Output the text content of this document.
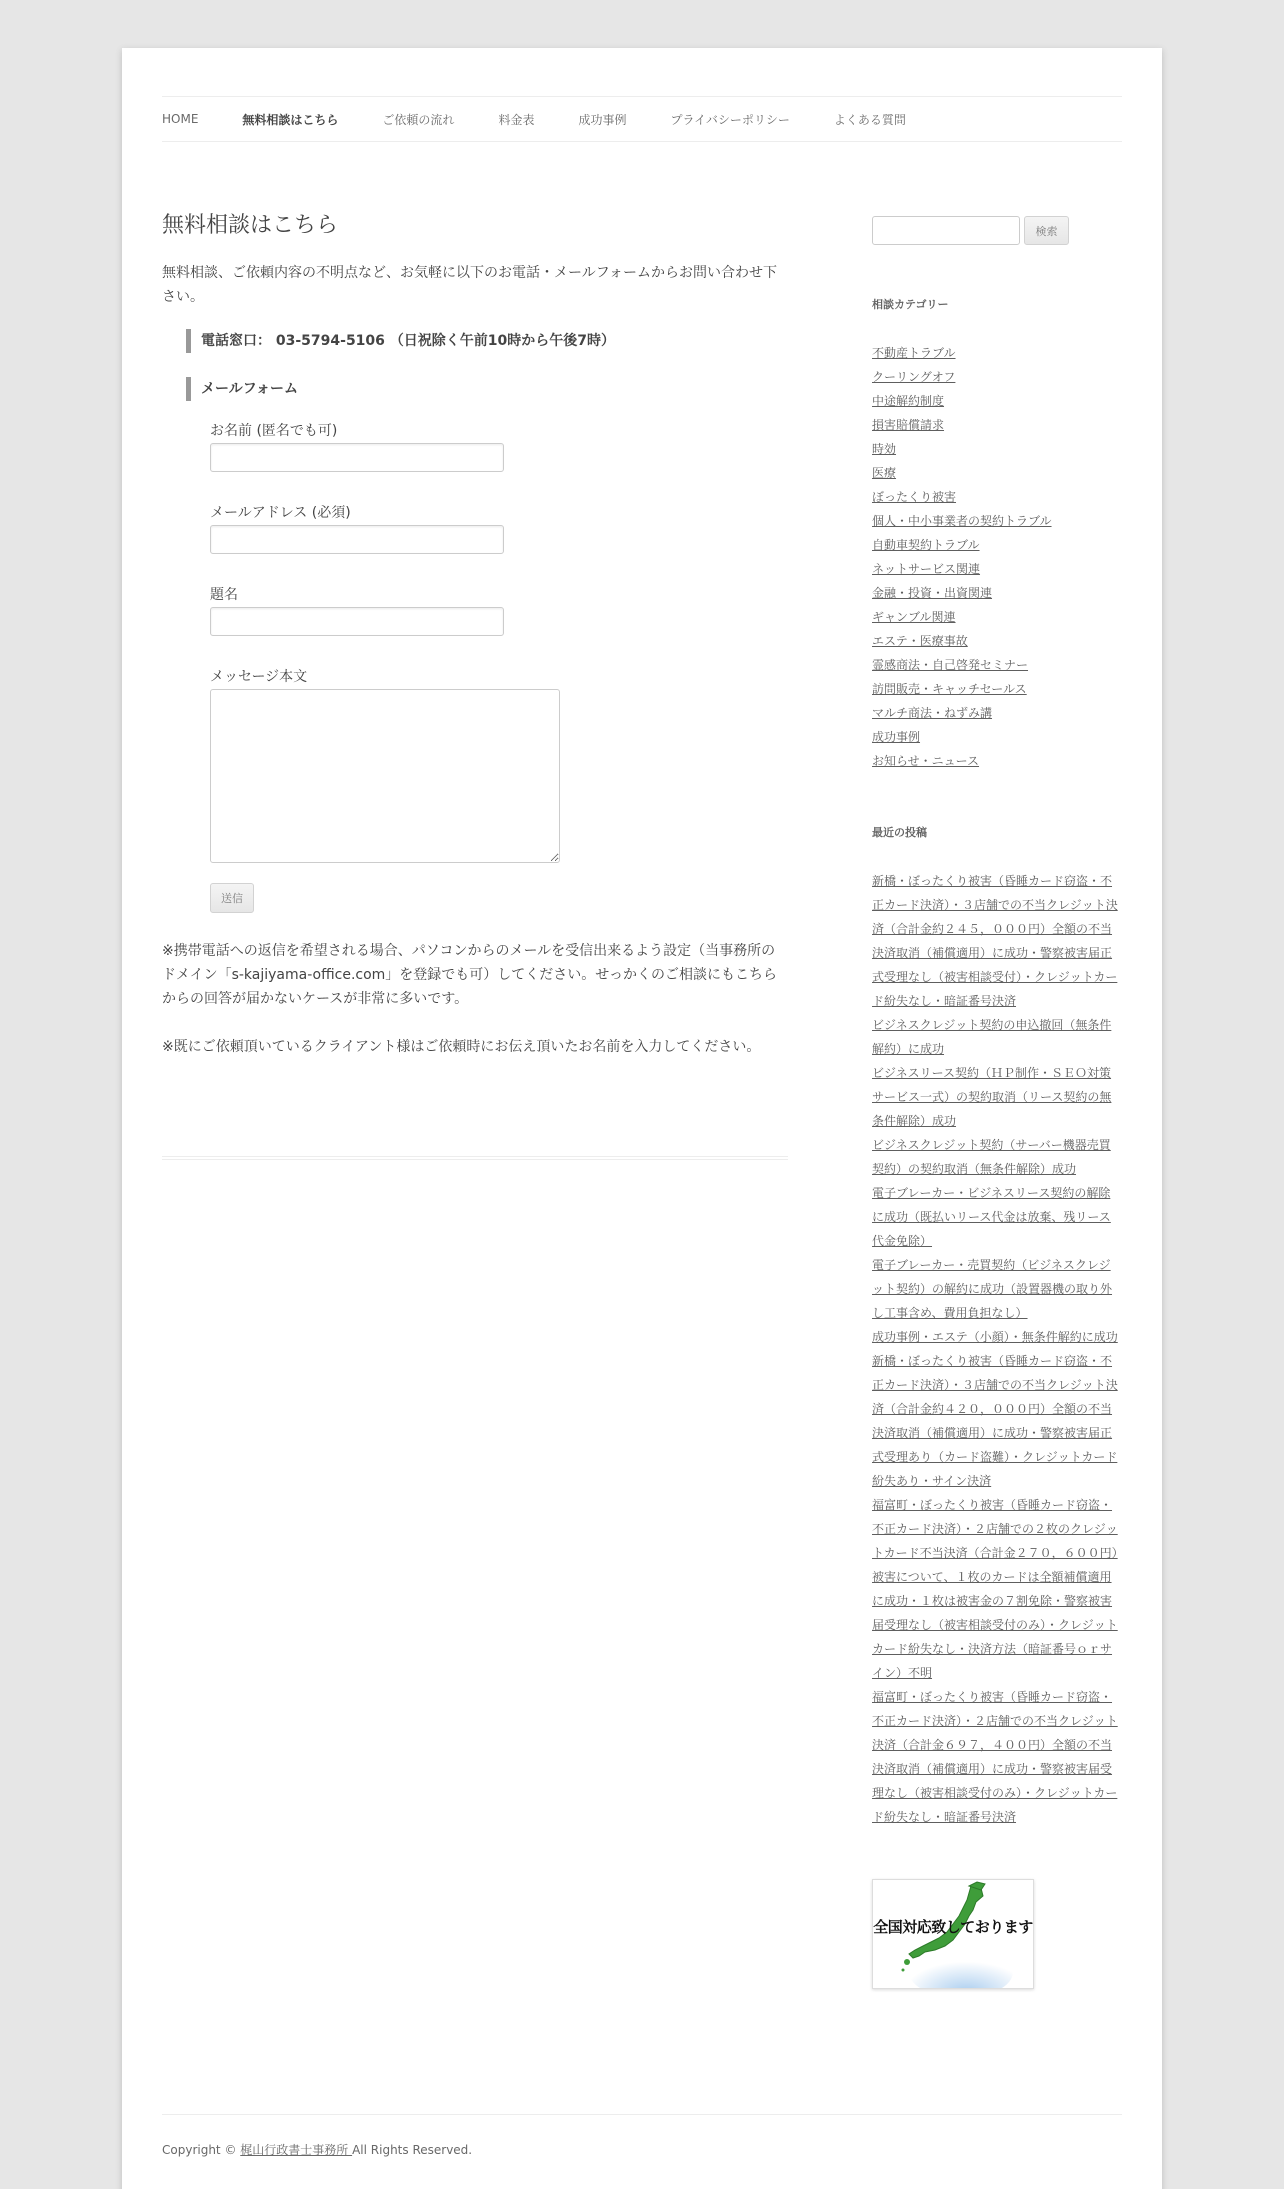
HOME	無料相談はこちら	ご依頼の流れ	料金表	成功事例	プライバシーポリシー	よくある質問
無料相談はこちら

無料相談、ご依頼内容の不明点など、お気軽に以下のお電話・メールフォームからお問い合わせ下さい。

電話窓口： 03-5794-5106 （日祝除く午前10時から午後7時）
メールフォーム
お名前 (匿名でも可)
メールアドレス (必須)
題名
メッセージ本文
送信

※携帯電話への返信を希望される場合、パソコンからのメールを受信出来るよう設定（当事務所のドメイン「s-kajiyama-office.com」を登録でも可）してください。せっかくのご相談にもこちらからの回答が届かないケースが非常に多いです。

※既にご依頼頂いているクライアント様はご依頼時にお伝え頂いたお名前を入力してください。

検索
相談カテゴリー
不動産トラブル
クーリングオフ
中途解約制度
損害賠償請求
時効
医療
ぼったくり被害
個人・中小事業者の契約トラブル
自動車契約トラブル
ネットサービス関連
金融・投資・出資関連
ギャンブル関連
エステ・医療事故
霊感商法・自己啓発セミナー
訪問販売・キャッチセールス
マルチ商法・ねずみ講
成功事例
お知らせ・ニュース
最近の投稿
新橋・ぼったくり被害（昏睡カード窃盗・不正カード決済）・３店舗での不当クレジット決済（合計金約２４５，０００円）全額の不当決済取消（補償適用）に成功・警察被害届正式受理なし（被害相談受付）・クレジットカード紛失なし・暗証番号決済
ビジネスクレジット契約の申込撤回（無条件解約）に成功
ビジネスリース契約（ＨＰ制作・ＳＥＯ対策サービス一式）の契約取消（リース契約の無条件解除）成功
ビジネスクレジット契約（サーバー機器売買契約）の契約取消（無条件解除）成功
電子ブレーカー・ビジネスリース契約の解除に成功（既払いリース代金は放棄、残リース代金免除）
電子ブレーカー・売買契約（ビジネスクレジット契約）の解約に成功（設置器機の取り外し工事含め、費用負担なし）
成功事例・エステ（小顔）・無条件解約に成功
新橋・ぼったくり被害（昏睡カード窃盗・不正カード決済）・３店舗での不当クレジット決済（合計金約４２０，０００円）全額の不当決済取消（補償適用）に成功・警察被害届正式受理あり（カード盗難）・クレジットカード紛失あり・サイン決済
福富町・ぼったくり被害（昏睡カード窃盗・不正カード決済）・２店舗での２枚のクレジットカード不当決済（合計金２７０，６００円）被害について、１枚のカードは全額補償適用に成功・１枚は被害金の７割免除・警察被害届受理なし（被害相談受付のみ）・クレジットカード紛失なし・決済方法（暗証番号ｏｒサイン）不明
福富町・ぼったくり被害（昏睡カード窃盗・不正カード決済）・２店舗での不当クレジット決済（合計金６９７，４００円）全額の不当決済取消（補償適用）に成功・警察被害届受理なし（被害相談受付のみ）・クレジットカード紛失なし・暗証番号決済
全国対応致しております
Copyright © 梶山行政書士事務所 All Rights Reserved.
